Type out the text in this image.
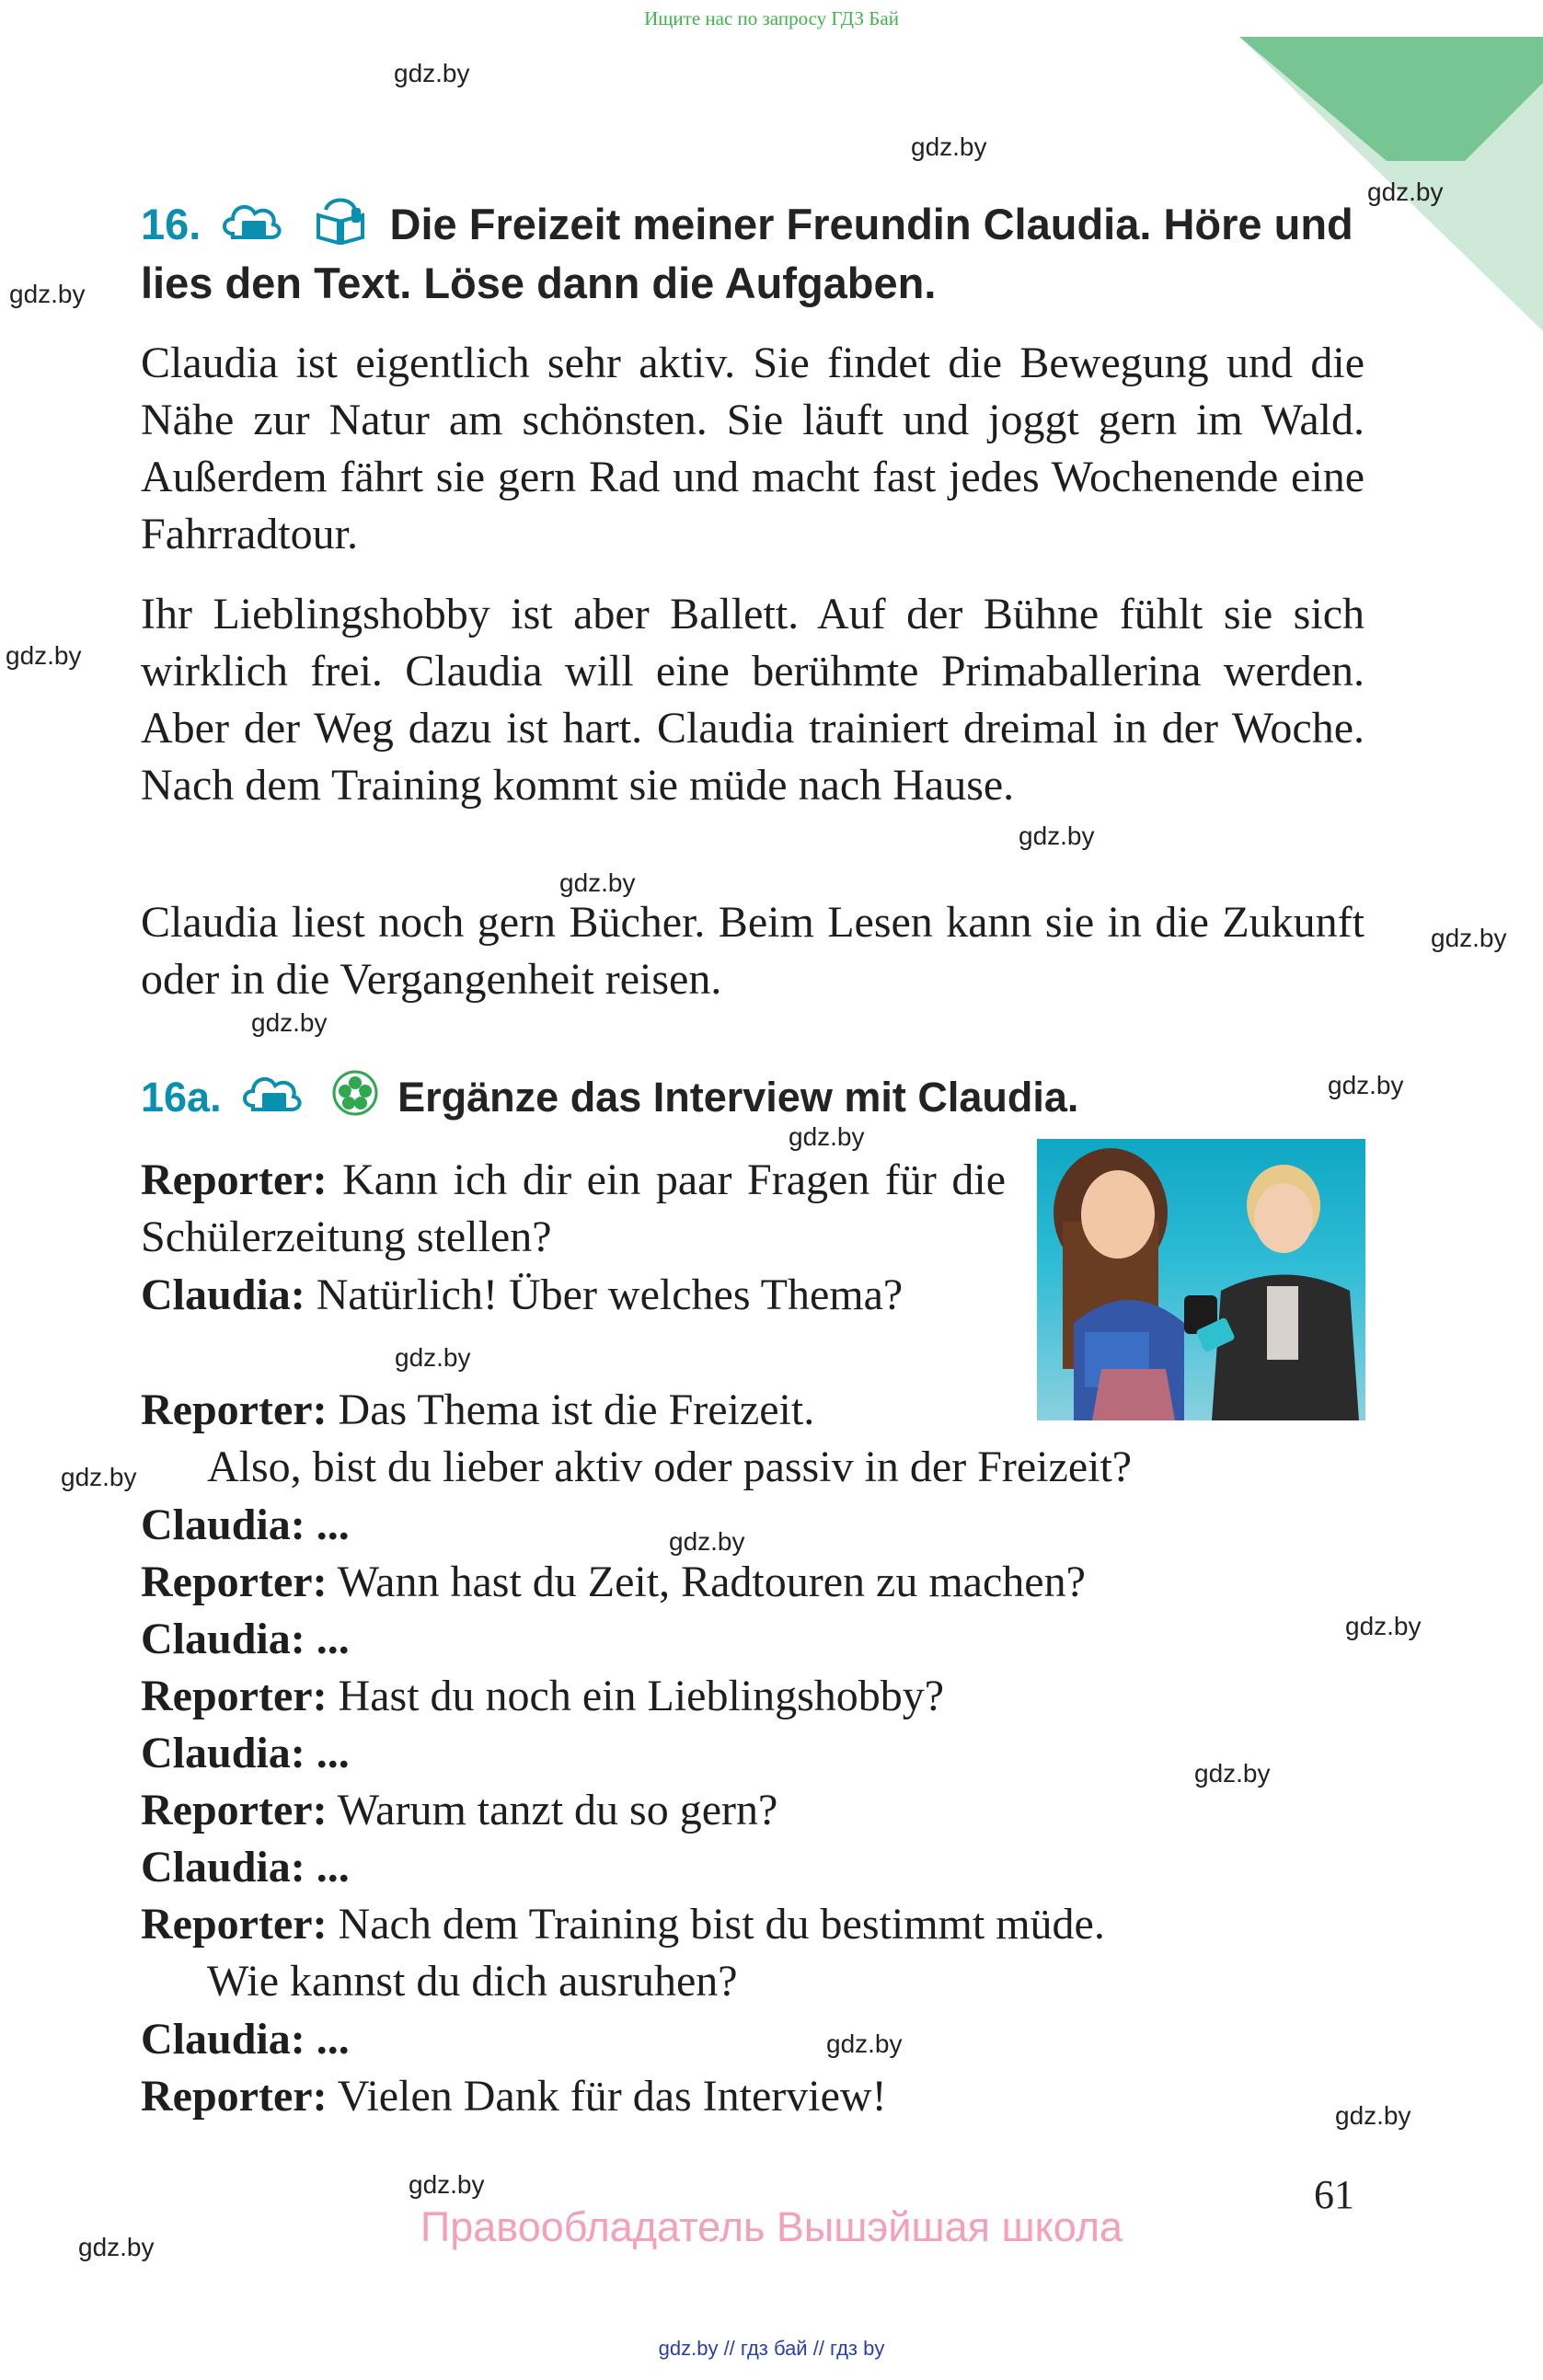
Ищите нас по запросу ГДЗ Бай
gdz.by
gdz.by
gdz.by
gdz.by
gdz.by
gdz.by
gdz.by
gdz.by
gdz.by
gdz.by
gdz.by
gdz.by
gdz.by
gdz.by
gdz.by
gdz.by
gdz.by
gdz.by
gdz.by
gdz.by
16.	Die Freizeit meiner Freundin Claudia. Höre und lies den Text. Löse dann die Aufgaben.
Claudia ist eigentlich sehr aktiv. Sie findet die Bewegung und die Nähe zur Natur am schönsten. Sie läuft und joggt gern im Wald. Außerdem fährt sie gern Rad und macht fast jedes Wochenende eine Fahrradtour.
Ihr Lieblingshobby ist aber Ballett. Auf der Bühne fühlt sie sich wirklich frei. Claudia will eine berühmte Primaballerina werden. Aber der Weg dazu ist hart. Claudia trainiert dreimal in der Woche. Nach dem Training kommt sie müde nach Hause.
Claudia liest noch gern Bücher. Beim Lesen kann sie in die Zukunft oder in die Vergangenheit reisen.
16a.	Ergänze das Interview mit Claudia.
Reporter: Kann ich dir ein paar Fragen für die Schülerzeitung stellen?
Claudia: Natürlich! Über welches Thema?
Reporter: Das Thema ist die Freizeit.
Also, bist du lieber aktiv oder passiv in der Freizeit?
Claudia: ...
Reporter: Wann hast du Zeit, Radtouren zu machen?
Claudia: ...
Reporter: Hast du noch ein Lieblingshobby?
Claudia: ...
Reporter: Warum tanzt du so gern?
Claudia: ...
Reporter: Nach dem Training bist du bestimmt müde.
Wie kannst du dich ausruhen?
Claudia: ...
Reporter: Vielen Dank für das Interview!
61
Правообладатель Вышэйшая школа
gdz.by // гдз бай // гдз by
